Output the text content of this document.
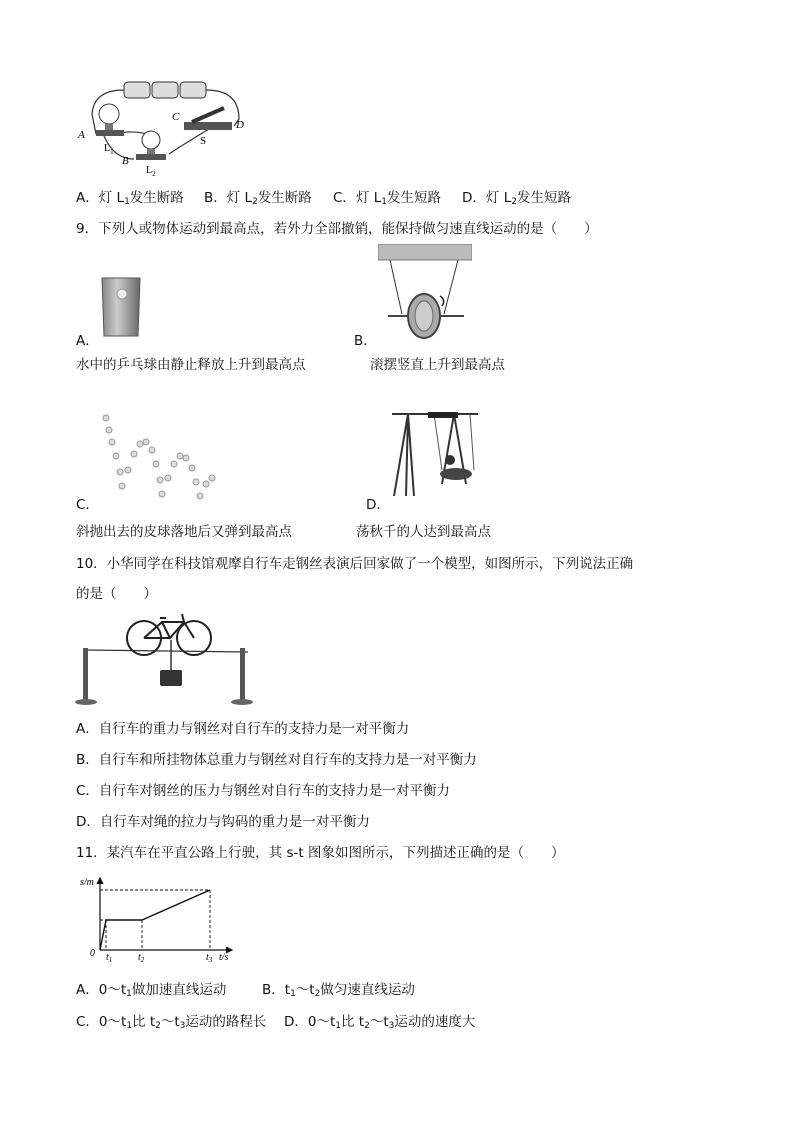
A
B
C
D
S
$L_1$
$L_2$
A．灯 $L_1$发生断路 B．灯 $L_2$发生断路 C．灯 $L_1$发生短路 D．灯 $L_2$发生短路
9．下列人或物体运动到最高点，若外力全部撤销，能保持做匀速直线运动的是（　　）
A．	B．
水中的乒乓球由静止释放上升到最高点	滚摆竖直上升到最高点
C．	D．
斜抛出去的皮球落地后又弹到最高点	荡秋千的人达到最高点
10．小华同学在科技馆观摩自行车走钢丝表演后回家做了一个模型，如图所示，下列说法正确
的是（　　）
A．自行车的重力与钢丝对自行车的支持力是一对平衡力
B．自行车和所挂物体总重力与钢丝对自行车的支持力是一对平衡力
C．自行车对钢丝的压力与钢丝对自行车的支持力是一对平衡力
D．自行车对绳的拉力与钩码的重力是一对平衡力
11．某汽车在平直公路上行驶，其 s-t 图象如图所示，下列描述正确的是（　　）
s/m
0 $t_1$	$t_2$	$t_3$ t/s
A．$0\sim t_1$做加速直线运动	B．$t_1\sim t_2$做匀速直线运动
C．$0\sim t_1$比 $t_2\sim t_3$运动的路程长 D．$0\sim t_1$比 $t_2\sim t_3$运动的速度大
